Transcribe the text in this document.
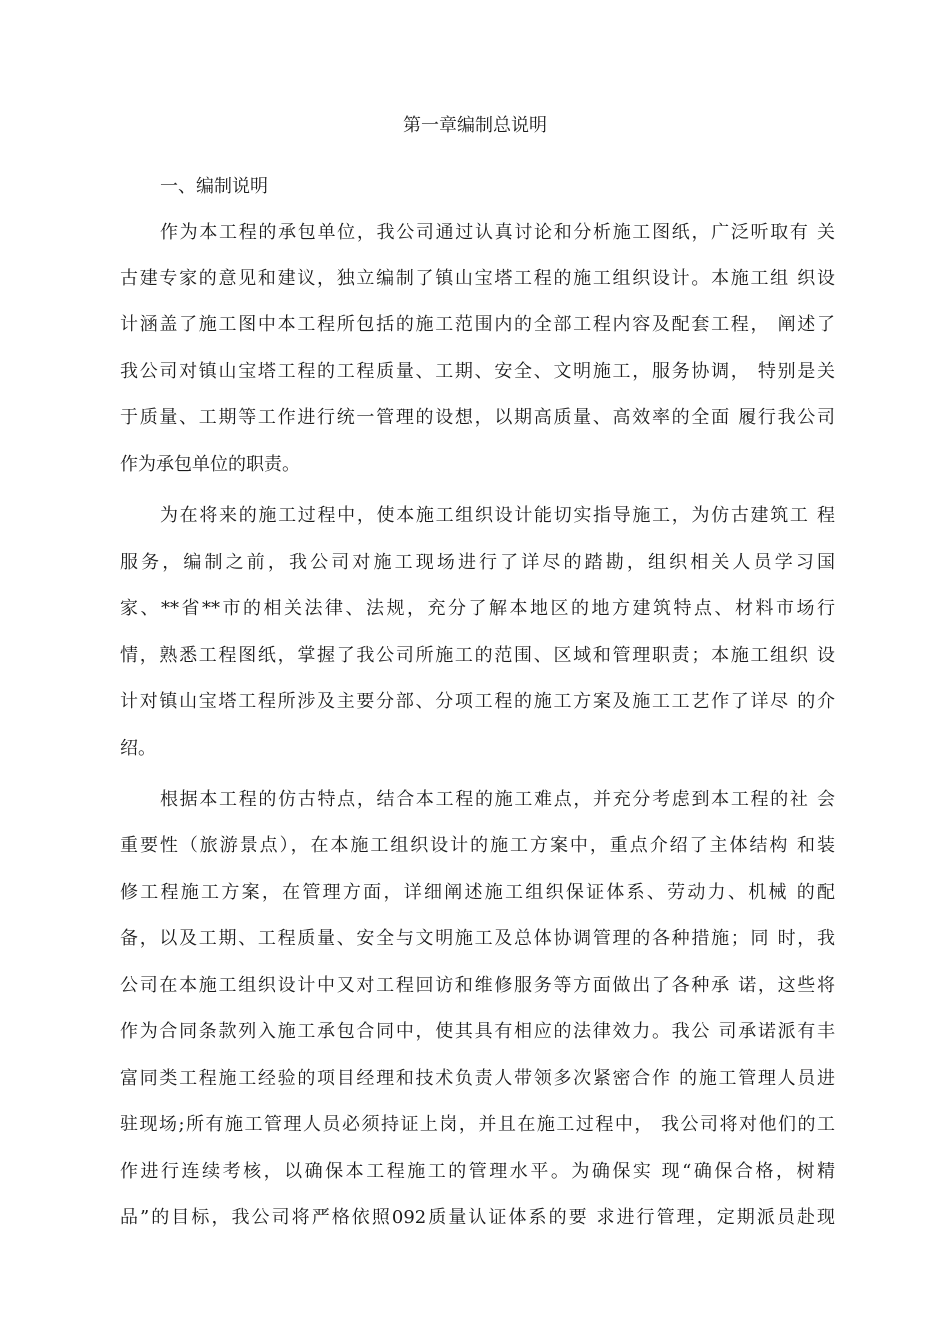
第一章编制总说明
一、编制说明
作为本工程的承包单位，我公司通过认真讨论和分析施工图纸，广泛听取有 关
古建专家的意见和建议，独立编制了镇山宝塔工程的施工组织设计。本施工组 织设
计涵盖了施工图中本工程所包括的施工范围内的全部工程内容及配套工程， 阐述了
我公司对镇山宝塔工程的工程质量、工期、安全、文明施工，服务协调， 特别是关
于质量、工期等工作进行统一管理的设想，以期高质量、高效率的全面 履行我公司
作为承包单位的职责。
为在将来的施工过程中，使本施工组织设计能切实指导施工，为仿古建筑工 程
服务，编制之前，我公司对施工现场进行了详尽的踏勘，组织相关人员学习国
家、**省**市的相关法律、法规，充分了解本地区的地方建筑特点、材料市场行
情，熟悉工程图纸，掌握了我公司所施工的范围、区域和管理职责；本施工组织 设
计对镇山宝塔工程所涉及主要分部、分项工程的施工方案及施工工艺作了详尽 的介
绍。
根据本工程的仿古特点，结合本工程的施工难点，并充分考虑到本工程的社 会
重要性（旅游景点），在本施工组织设计的施工方案中，重点介绍了主体结构 和装
修工程施工方案，在管理方面，详细阐述施工组织保证体系、劳动力、机械 的配
备，以及工期、工程质量、安全与文明施工及总体协调管理的各种措施；同 时，我
公司在本施工组织设计中又对工程回访和维修服务等方面做出了各种承 诺，这些将
作为合同条款列入施工承包合同中，使其具有相应的法律效力。我公 司承诺派有丰
富同类工程施工经验的项目经理和技术负责人带领多次紧密合作 的施工管理人员进
驻现场;所有施工管理人员必须持证上岗，并且在施工过程中， 我公司将对他们的工
作进行连续考核，以确保本工程施工的管理水平。为确保实 现“确保合格，树精
品”的目标，我公司将严格依照092质量认证体系的要 求进行管理，定期派员赴现
